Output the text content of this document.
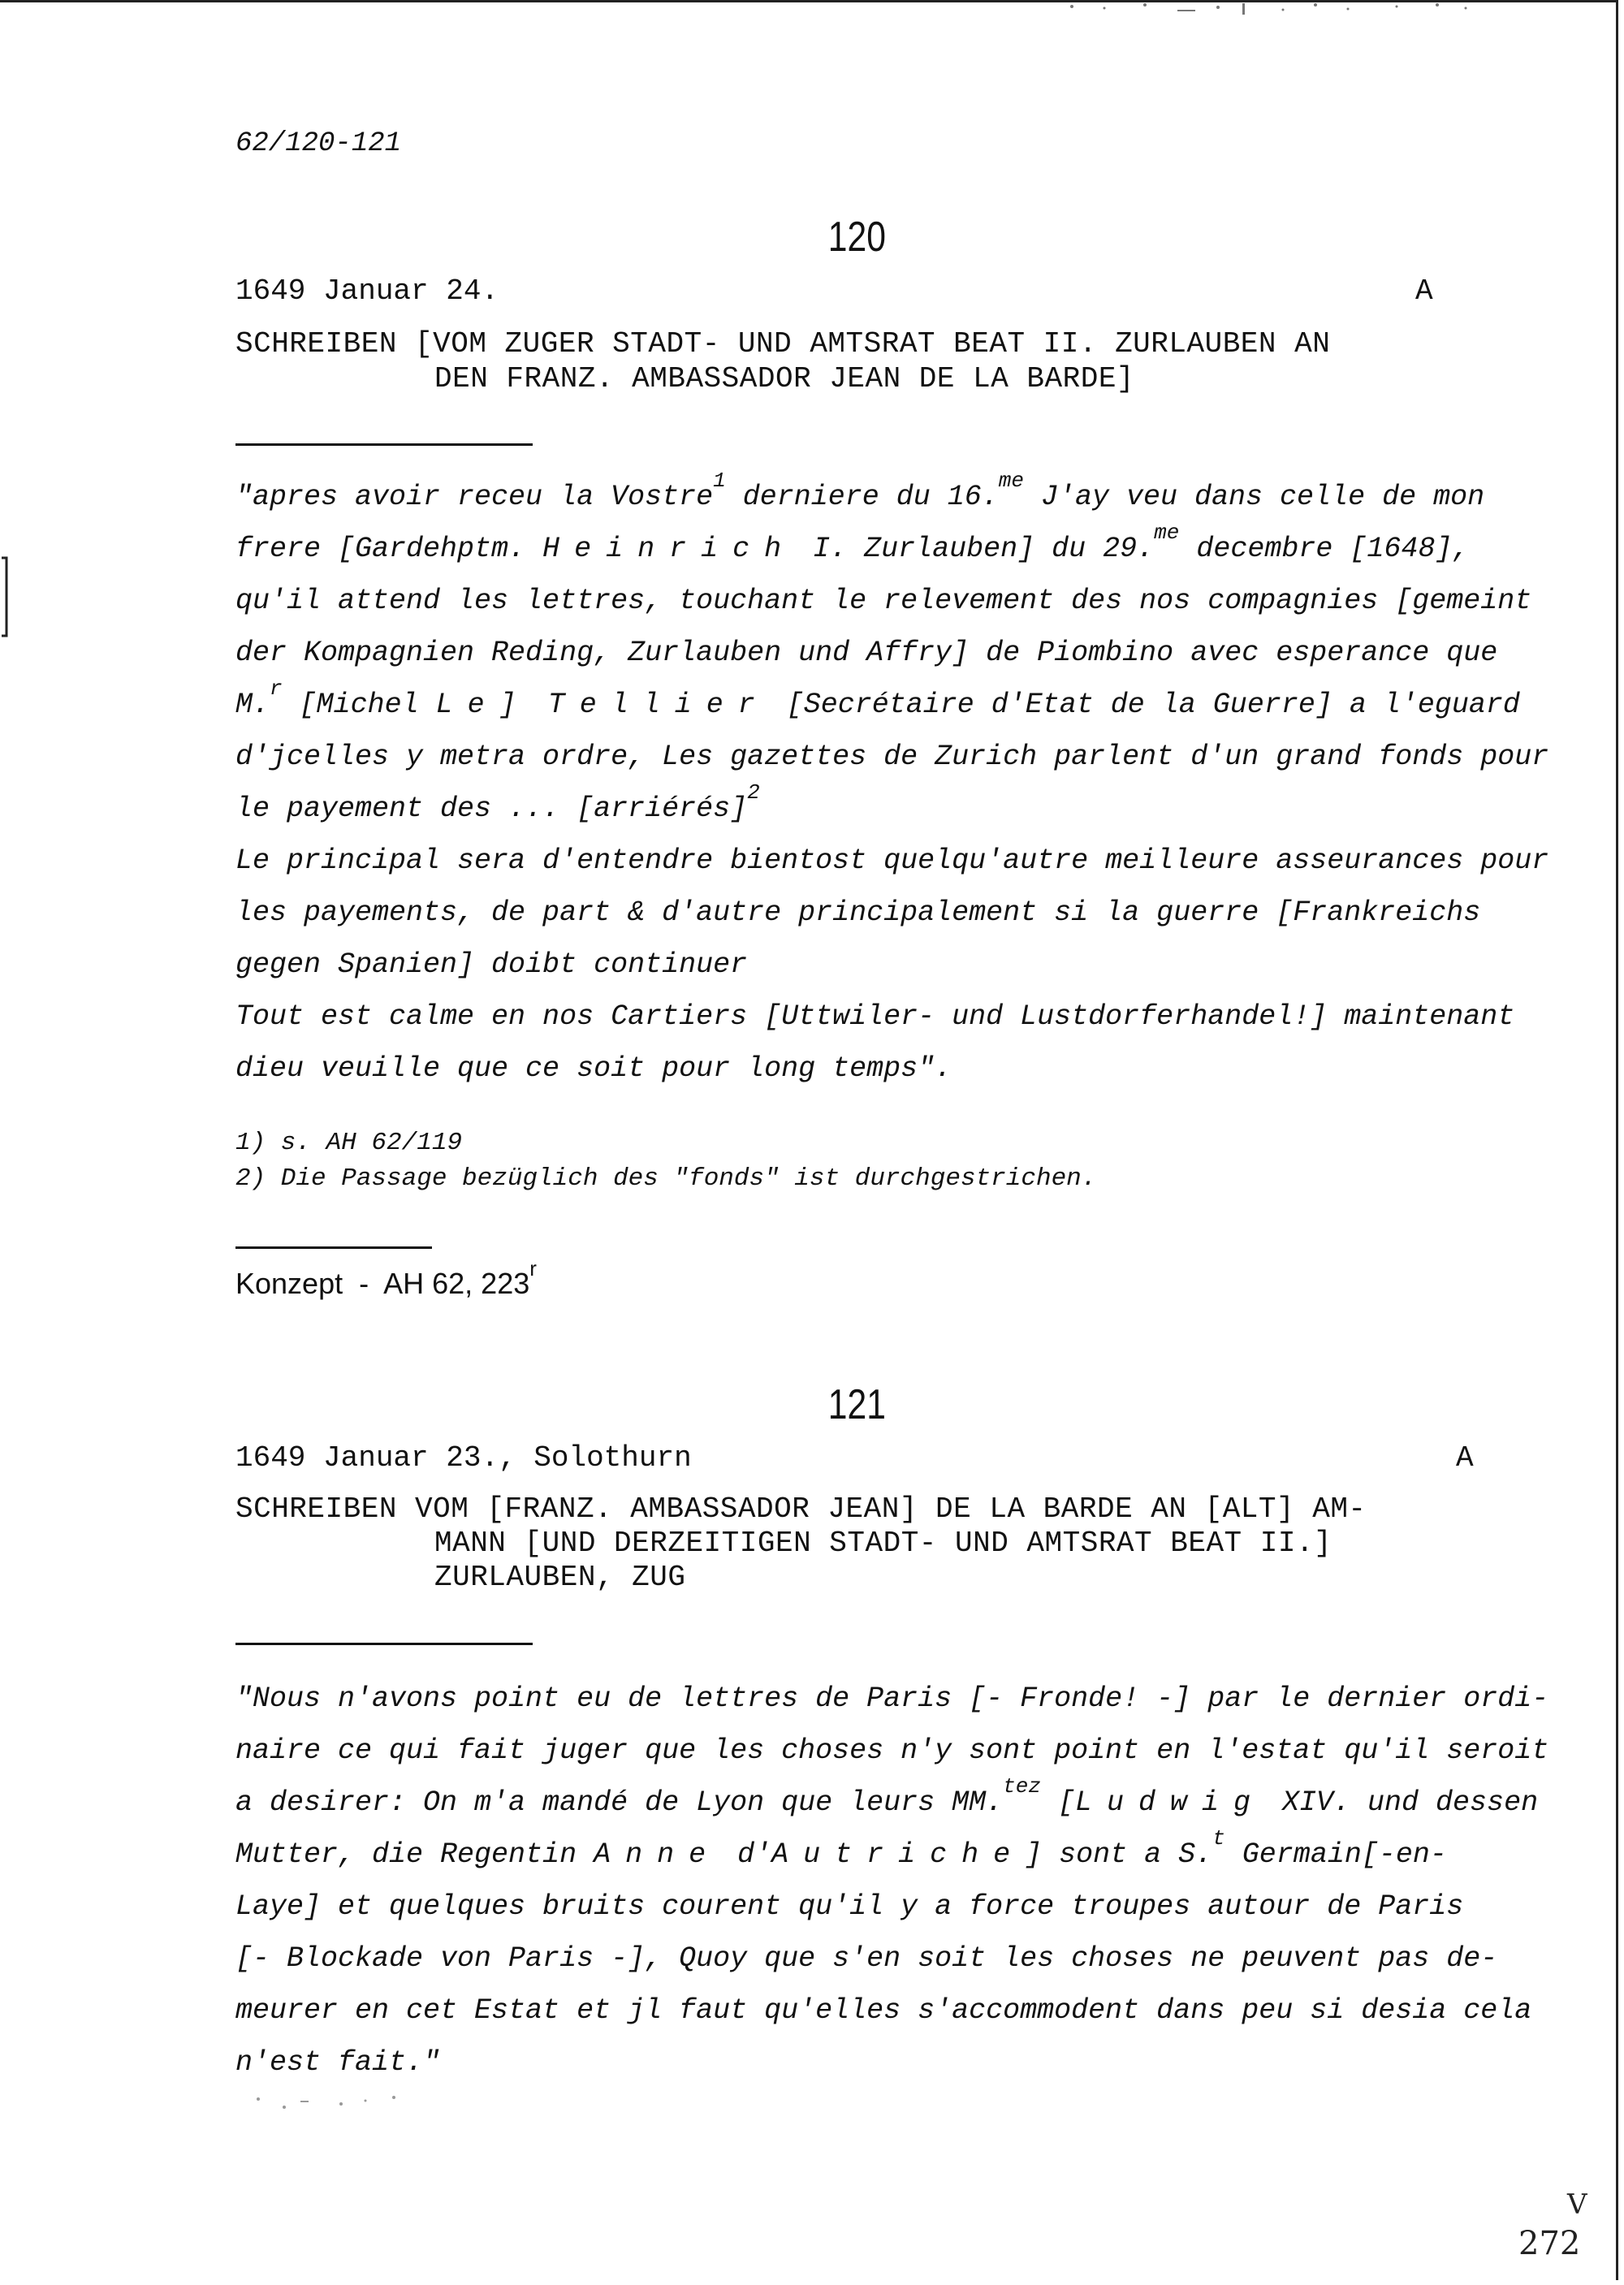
62/120-121
120
1649 Januar 24.	A
SCHREIBEN [VOM ZUGER STADT- UND AMTSRAT BEAT II. ZURLAUBEN AN
DEN FRANZ. AMBASSADOR JEAN DE LA BARDE]
"apres avoir receu la Vostre$^1$ derniere du 16.$^{me}$ J'ay veu dans celle de mon
frere [Gardehptm. Heinrich I. Zurlauben] du 29.$^{me}$ decembre [1648],
qu'il attend les lettres, touchant le relevement des nos compagnies [gemeint
der Kompagnien Reding, Zurlauben und Affry] de Piombino avec esperance que
M.$^r$ [Michel Le] Tellier [Secrétaire d'Etat de la Guerre] a l'eguard
d'jcelles y metra ordre, Les gazettes de Zurich parlent d'un grand fonds pour
le payement des ... [arriérés]$^2$
Le principal sera d'entendre bientost quelqu'autre meilleure asseurances pour
les payements, de part & d'autre principalement si la guerre [Frankreichs
gegen Spanien] doibt continuer
Tout est calme en nos Cartiers [Uttwiler- und Lustdorferhandel!] maintenant
dieu veuille que ce soit pour long temps".
1) s. AH 62/119
2) Die Passage bezüglich des "fonds" ist durchgestrichen.
Konzept  -  AH 62, 223$^r$
121
1649 Januar 23., Solothurn	A
SCHREIBEN VOM [FRANZ. AMBASSADOR JEAN] DE LA BARDE AN [ALT] AM-
MANN [UND DERZEITIGEN STADT- UND AMTSRAT BEAT II.]
ZURLAUBEN, ZUG
"Nous n'avons point eu de lettres de Paris [- Fronde! -] par le dernier ordi-
naire ce qui fait juger que les choses n'y sont point en l'estat qu'il seroit
a desirer: On m'a mandé de Lyon que leurs MM.$^{tez}$ [Ludwig XIV. und dessen
Mutter, die Regentin Anne d'Autriche] sont a S.$^t$ Germain[-en-
Laye] et quelques bruits courent qu'il y a force troupes autour de Paris
[- Blockade von Paris -], Quoy que s'en soit les choses ne peuvent pas de-
meurer en cet Estat et jl faut qu'elles s'accommodent dans peu si desia cela
n'est fait."
V
272
